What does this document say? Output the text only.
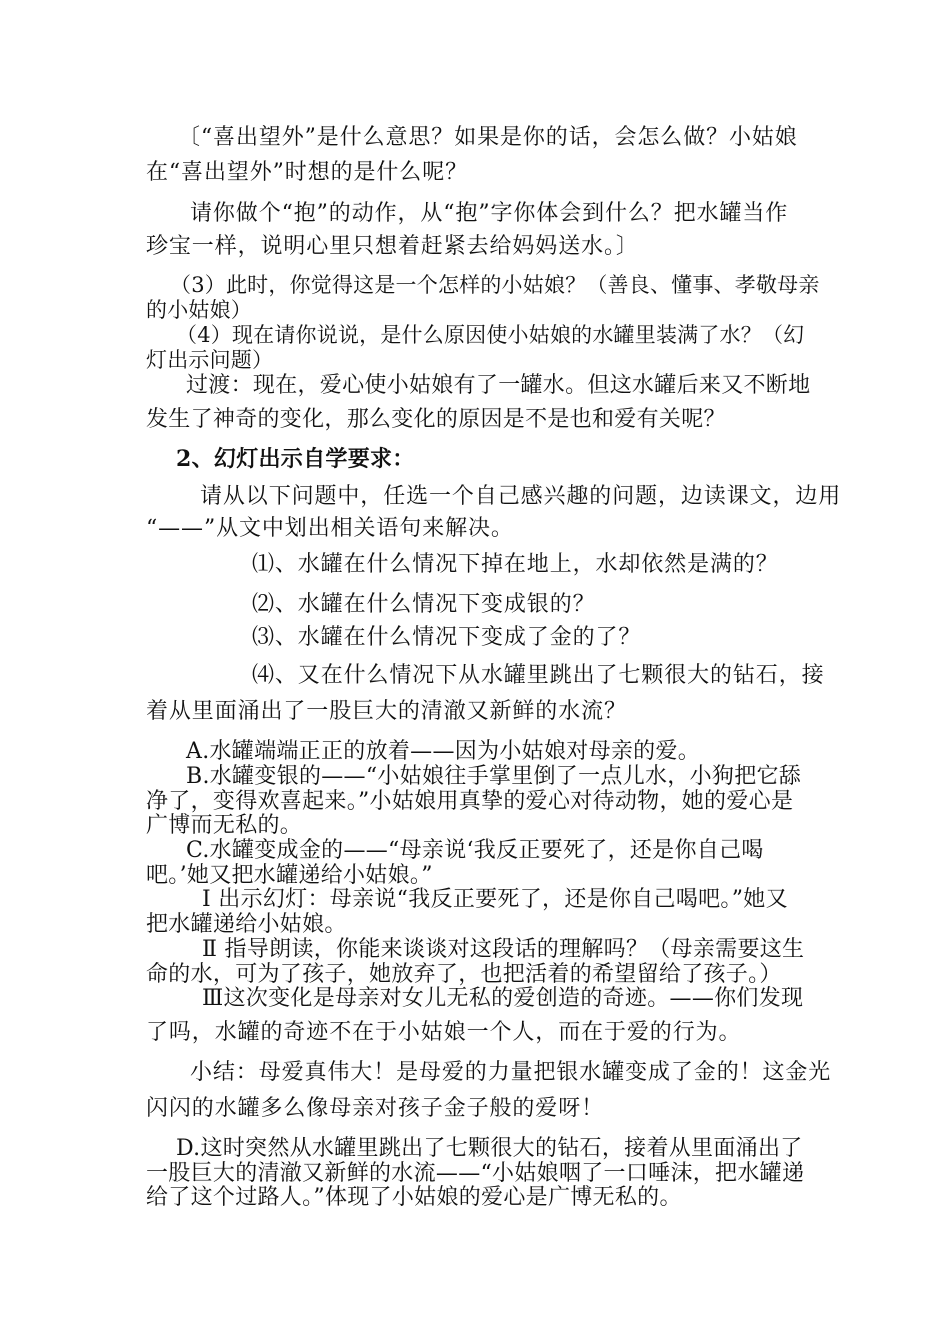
〔“喜出望外”是什么意思？如果是你的话，会怎么做？小姑娘
在“喜出望外”时想的是什么呢？
请你做个“抱”的动作，从“抱”字你体会到什么？把水罐当作
珍宝一样，说明心里只想着赶紧去给妈妈送水。〕
（3）此时，你觉得这是一个怎样的小姑娘？（善良、懂事、孝敬母亲
的小姑娘）
（4）现在请你说说，是什么原因使小姑娘的水罐里装满了水？（幻
灯出示问题）
过渡：现在，爱心使小姑娘有了一罐水。但这水罐后来又不断地
发生了神奇的变化，那么变化的原因是不是也和爱有关呢？
2、幻灯出示自学要求：
请从以下问题中，任选一个自己感兴趣的问题，边读课文，边用
“——”从文中划出相关语句来解决。
⑴、水罐在什么情况下掉在地上，水却依然是满的？
⑵、水罐在什么情况下变成银的？
⑶、水罐在什么情况下变成了金的了？
⑷、又在什么情况下从水罐里跳出了七颗很大的钻石，接
着从里面涌出了一股巨大的清澈又新鲜的水流？
A.水罐端端正正的放着——因为小姑娘对母亲的爱。
B.水罐变银的——“小姑娘往手掌里倒了一点儿水，小狗把它舔
净了，变得欢喜起来。”小姑娘用真挚的爱心对待动物，她的爱心是
广博而无私的。
C.水罐变成金的——“母亲说‘我反正要死了，还是你自己喝
吧。’她又把水罐递给小姑娘。”
Ⅰ 出示幻灯：母亲说“我反正要死了，还是你自己喝吧。”她又
把水罐递给小姑娘。
Ⅱ 指导朗读，你能来谈谈对这段话的理解吗？（母亲需要这生
命的水，可为了孩子，她放弃了，也把活着的希望留给了孩子。）
Ⅲ这次变化是母亲对女儿无私的爱创造的奇迹。——你们发现
了吗，水罐的奇迹不在于小姑娘一个人，而在于爱的行为。
小结：母爱真伟大！是母爱的力量把银水罐变成了金的！这金光
闪闪的水罐多么像母亲对孩子金子般的爱呀！
D.这时突然从水罐里跳出了七颗很大的钻石，接着从里面涌出了
一股巨大的清澈又新鲜的水流——“小姑娘咽了一口唾沫，把水罐递
给了这个过路人。”体现了小姑娘的爱心是广博无私的。
